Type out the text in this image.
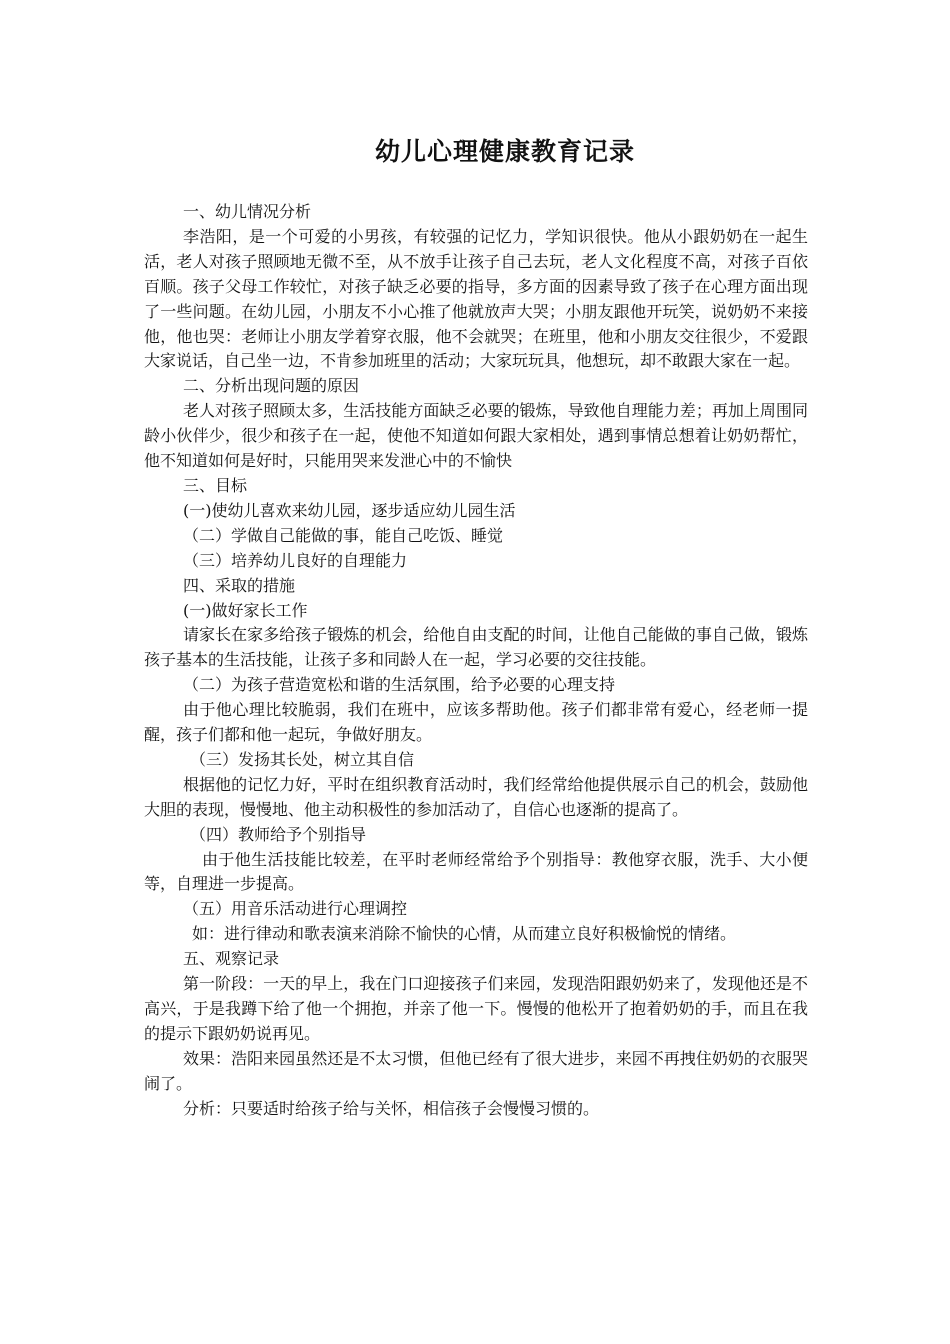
幼儿心理健康教育记录

一、幼儿情况分析

李浩阳，是一个可爱的小男孩，有较强的记忆力，学知识很快。他从小跟奶奶在一起生活，老人对孩子照顾地无微不至，从不放手让孩子自己去玩，老人文化程度不高，对孩子百依百顺。孩子父母工作较忙，对孩子缺乏必要的指导，多方面的因素导致了孩子在心理方面出现了一些问题。在幼儿园，小朋友不小心推了他就放声大哭；小朋友跟他开玩笑，说奶奶不来接他，他也哭：老师让小朋友学着穿衣服，他不会就哭；在班里，他和小朋友交往很少，不爱跟大家说话，自己坐一边，不肯参加班里的活动；大家玩玩具，他想玩，却不敢跟大家在一起。

二、分析出现问题的原因

老人对孩子照顾太多，生活技能方面缺乏必要的锻炼，导致他自理能力差；再加上周围同龄小伙伴少，很少和孩子在一起，使他不知道如何跟大家相处，遇到事情总想着让奶奶帮忙，他不知道如何是好时，只能用哭来发泄心中的不愉快

三、目标

(一)使幼儿喜欢来幼儿园，逐步适应幼儿园生活

（二）学做自己能做的事，能自己吃饭、睡觉

（三）培养幼儿良好的自理能力

四、采取的措施

(一)做好家长工作

请家长在家多给孩子锻炼的机会，给他自由支配的时间，让他自己能做的事自己做，锻炼孩子基本的生活技能，让孩子多和同龄人在一起，学习必要的交往技能。

（二）为孩子营造宽松和谐的生活氛围，给予必要的心理支持

由于他心理比较脆弱，我们在班中，应该多帮助他。孩子们都非常有爱心，经老师一提醒，孩子们都和他一起玩，争做好朋友。

（三）发扬其长处，树立其自信

根据他的记忆力好，平时在组织教育活动时，我们经常给他提供展示自己的机会，鼓励他大胆的表现，慢慢地、他主动积极性的参加活动了，自信心也逐渐的提高了。

（四）教师给予个别指导

由于他生活技能比较差，在平时老师经常给予个别指导：教他穿衣服，洗手、大小便等，自理进一步提高。

（五）用音乐活动进行心理调控

如：进行律动和歌表演来消除不愉快的心情，从而建立良好积极愉悦的情绪。

五、观察记录

第一阶段：一天的早上，我在门口迎接孩子们来园，发现浩阳跟奶奶来了，发现他还是不高兴，于是我蹲下给了他一个拥抱，并亲了他一下。慢慢的他松开了抱着奶奶的手，而且在我的提示下跟奶奶说再见。

效果：浩阳来园虽然还是不太习惯，但他已经有了很大进步，来园不再拽住奶奶的衣服哭闹了。

分析：只要适时给孩子给与关怀，相信孩子会慢慢习惯的。
